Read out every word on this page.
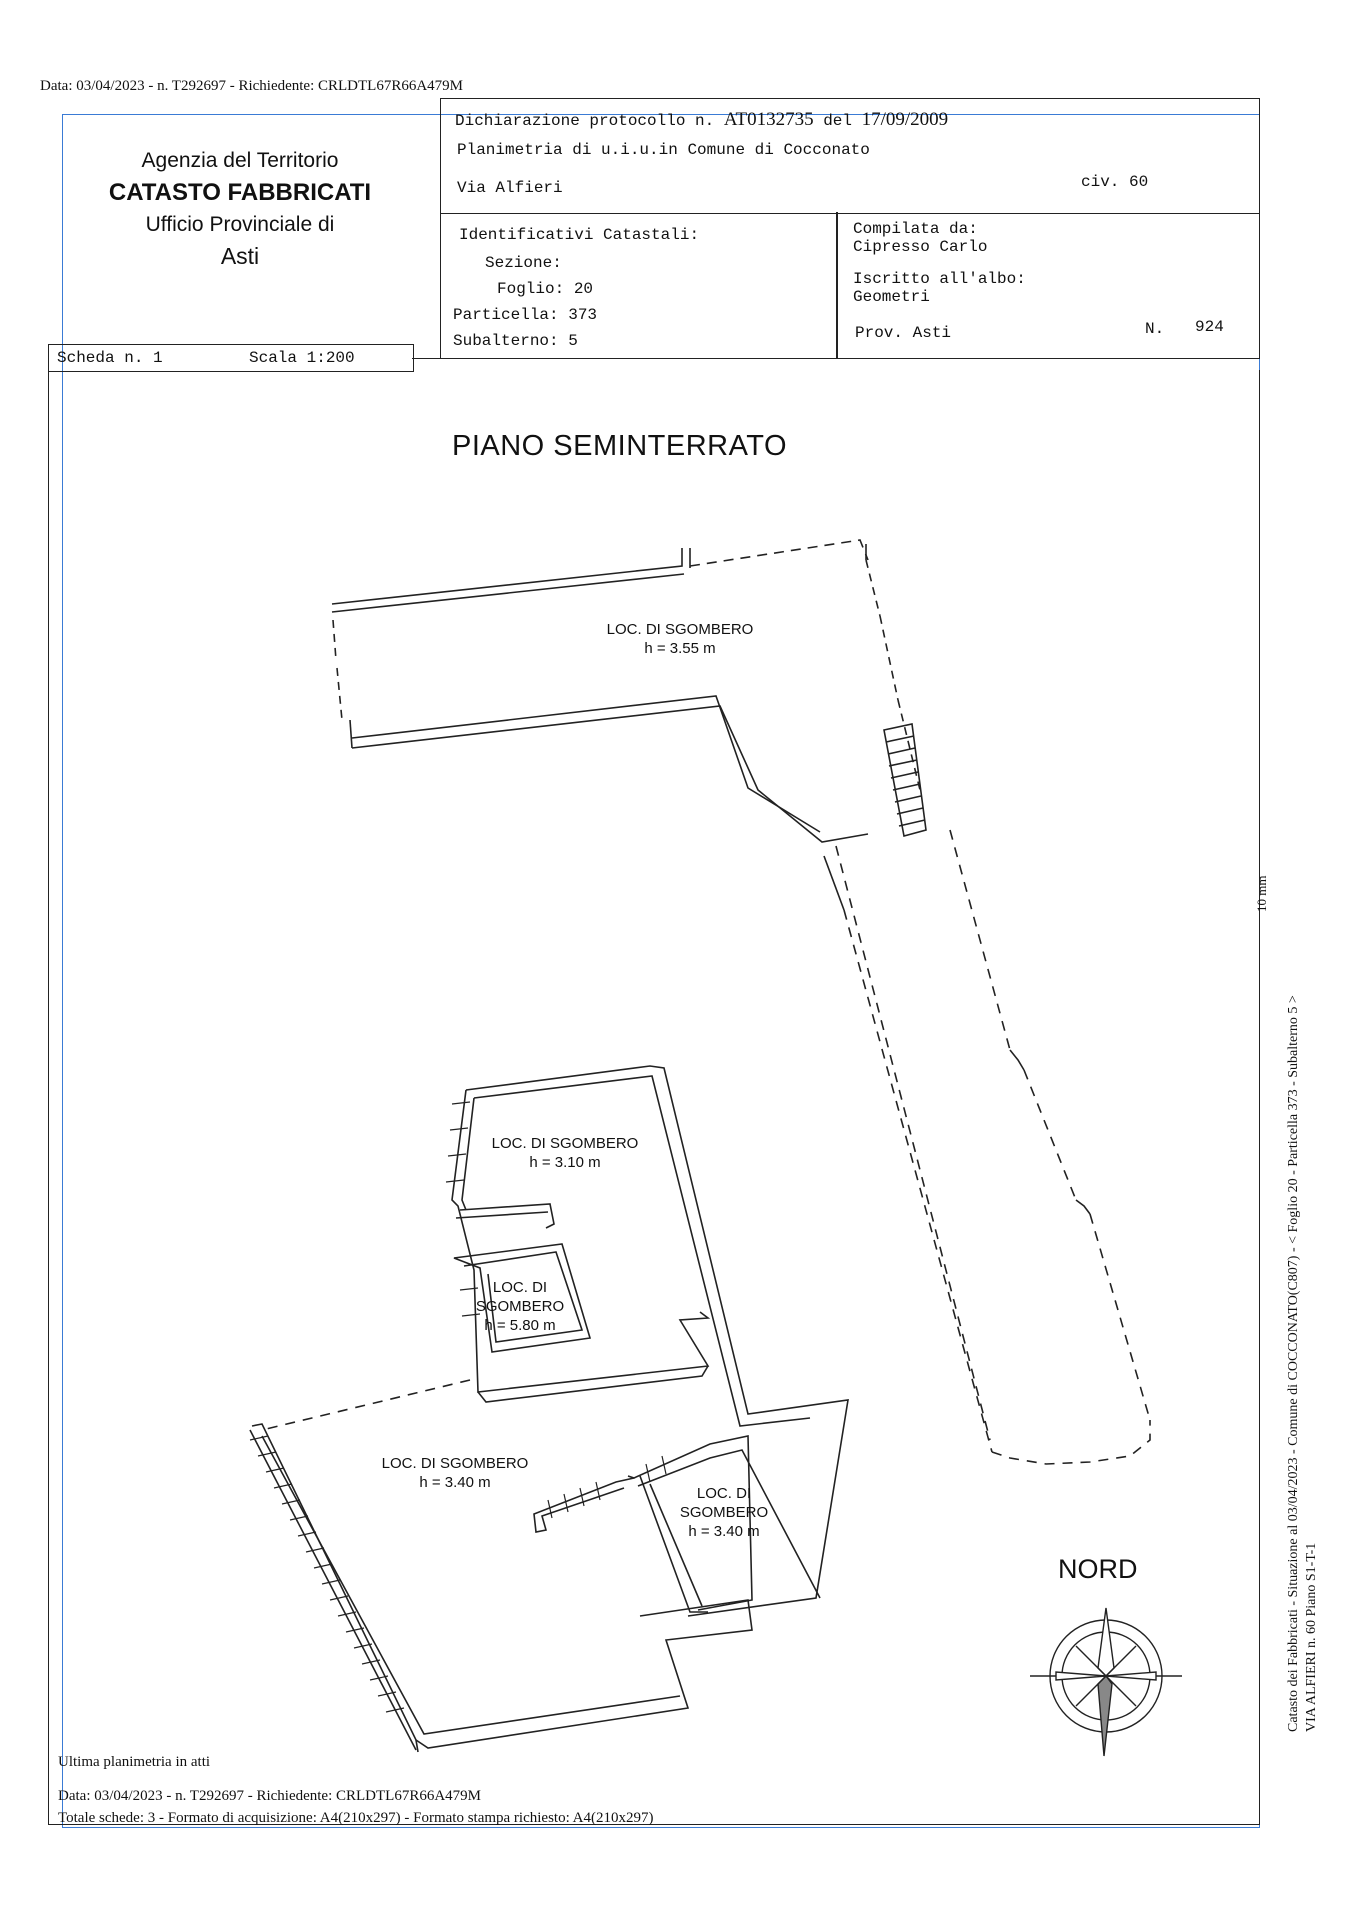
Data: 03/04/2023 - n. T292697 - Richiedente: CRLDTL67R66A479M
Agenzia del Territorio
CATASTO FABBRICATI
Ufficio Provinciale di
Asti
Dichiarazione protocollo n. AT0132735 del 17/09/2009
Planimetria di u.i.u.in Comune di Cocconato
Via Alfieri	civ. 60
Identificativi Catastali:
Sezione:
Foglio: 20
Particella: 373
Subalterno: 5
Compilata da:
Cipresso Carlo
Iscritto all'albo:
Geometri
Prov. Asti	N. 924
Scheda n. 1	Scala 1:200
PIANO SEMINTERRATO
LOC. DI SGOMBERO
h = 3.55 m
LOC. DI SGOMBERO
h = 3.10 m
LOC. DI
SGOMBERO
h = 5.80 m
LOC. DI SGOMBERO
h = 3.40 m
LOC. DI
SGOMBERO
h = 3.40 m
NORD	Catasto dei Fabbricati - Situazione al 03/04/2023 - Comune di COCCONATO(C807) - < Foglio 20 - Particella 373 - Subalterno 5 > VIA ALFIERI n. 60 Piano S1-T-1
10 mm
Ultima planimetria in atti
Data: 03/04/2023 - n. T292697 - Richiedente: CRLDTL67R66A479M
Totale schede: 3 - Formato di acquisizione: A4(210x297) - Formato stampa richiesto: A4(210x297)
